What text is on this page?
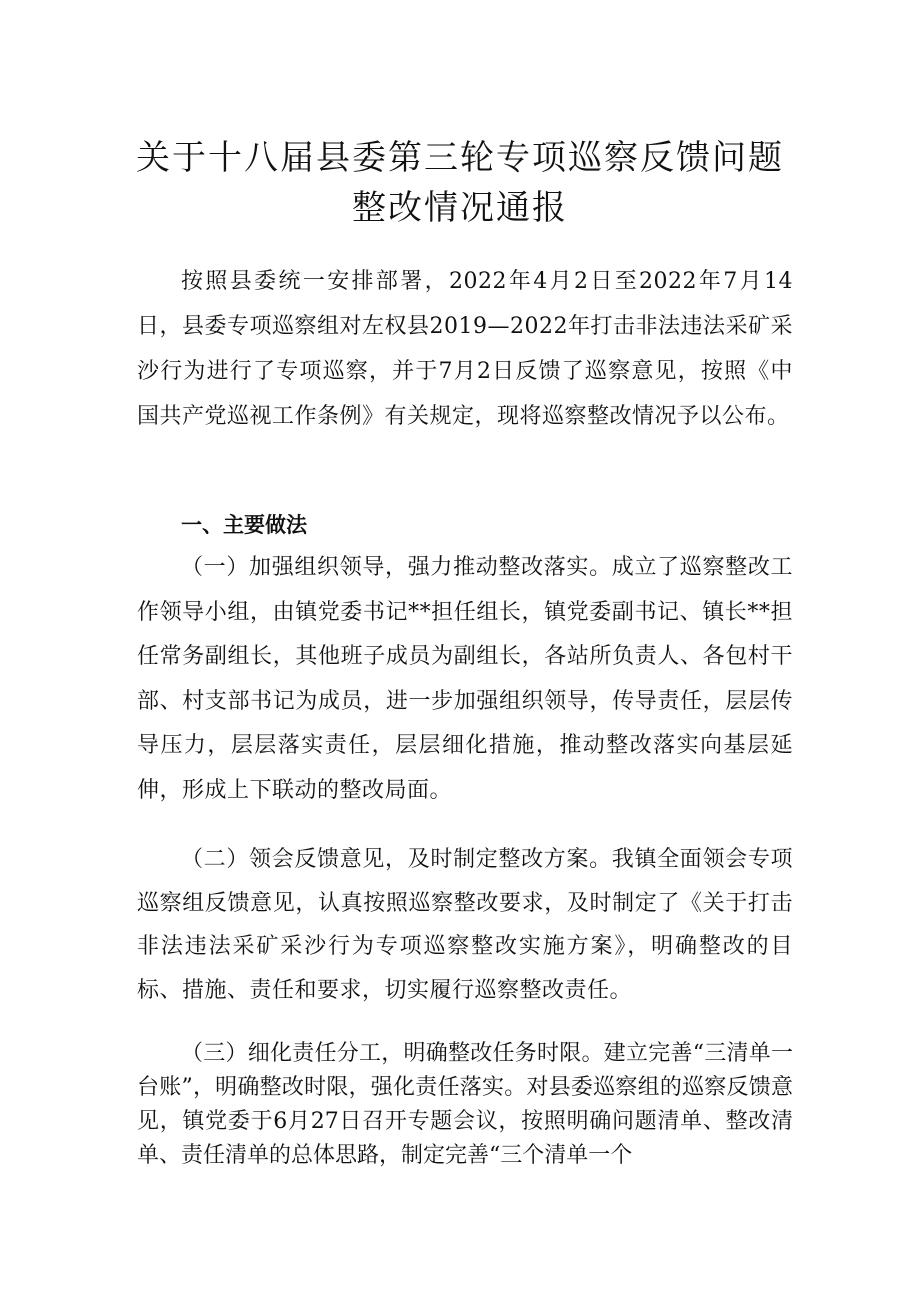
关于十八届县委第三轮专项巡察反馈问题
整改情况通报

按照县委统一安排部署，2022年4月2日至2022年7月14日，县委专项巡察组对左权县2019—2022年打击非法违法采矿采沙行为进行了专项巡察，并于7月2日反馈了巡察意见，按照《中国共产党巡视工作条例》有关规定，现将巡察整改情况予以公布。

一、主要做法

（一）加强组织领导，强力推动整改落实。成立了巡察整改工作领导小组，由镇党委书记**担任组长，镇党委副书记、镇长**担任常务副组长，其他班子成员为副组长，各站所负责人、各包村干部、村支部书记为成员，进一步加强组织领导，传导责任，层层传导压力，层层落实责任，层层细化措施，推动整改落实向基层延伸，形成上下联动的整改局面。

（二）领会反馈意见，及时制定整改方案。我镇全面领会专项巡察组反馈意见，认真按照巡察整改要求，及时制定了《关于打击非法违法采矿采沙行为专项巡察整改实施方案》，明确整改的目标、措施、责任和要求，切实履行巡察整改责任。

（三）细化责任分工，明确整改任务时限。建立完善“三清单一台账”，明确整改时限，强化责任落实。对县委巡察组的巡察反馈意见，镇党委于6月27日召开专题会议，按照明确问题清单、整改清单、责任清单的总体思路，制定完善“三个清单一个
